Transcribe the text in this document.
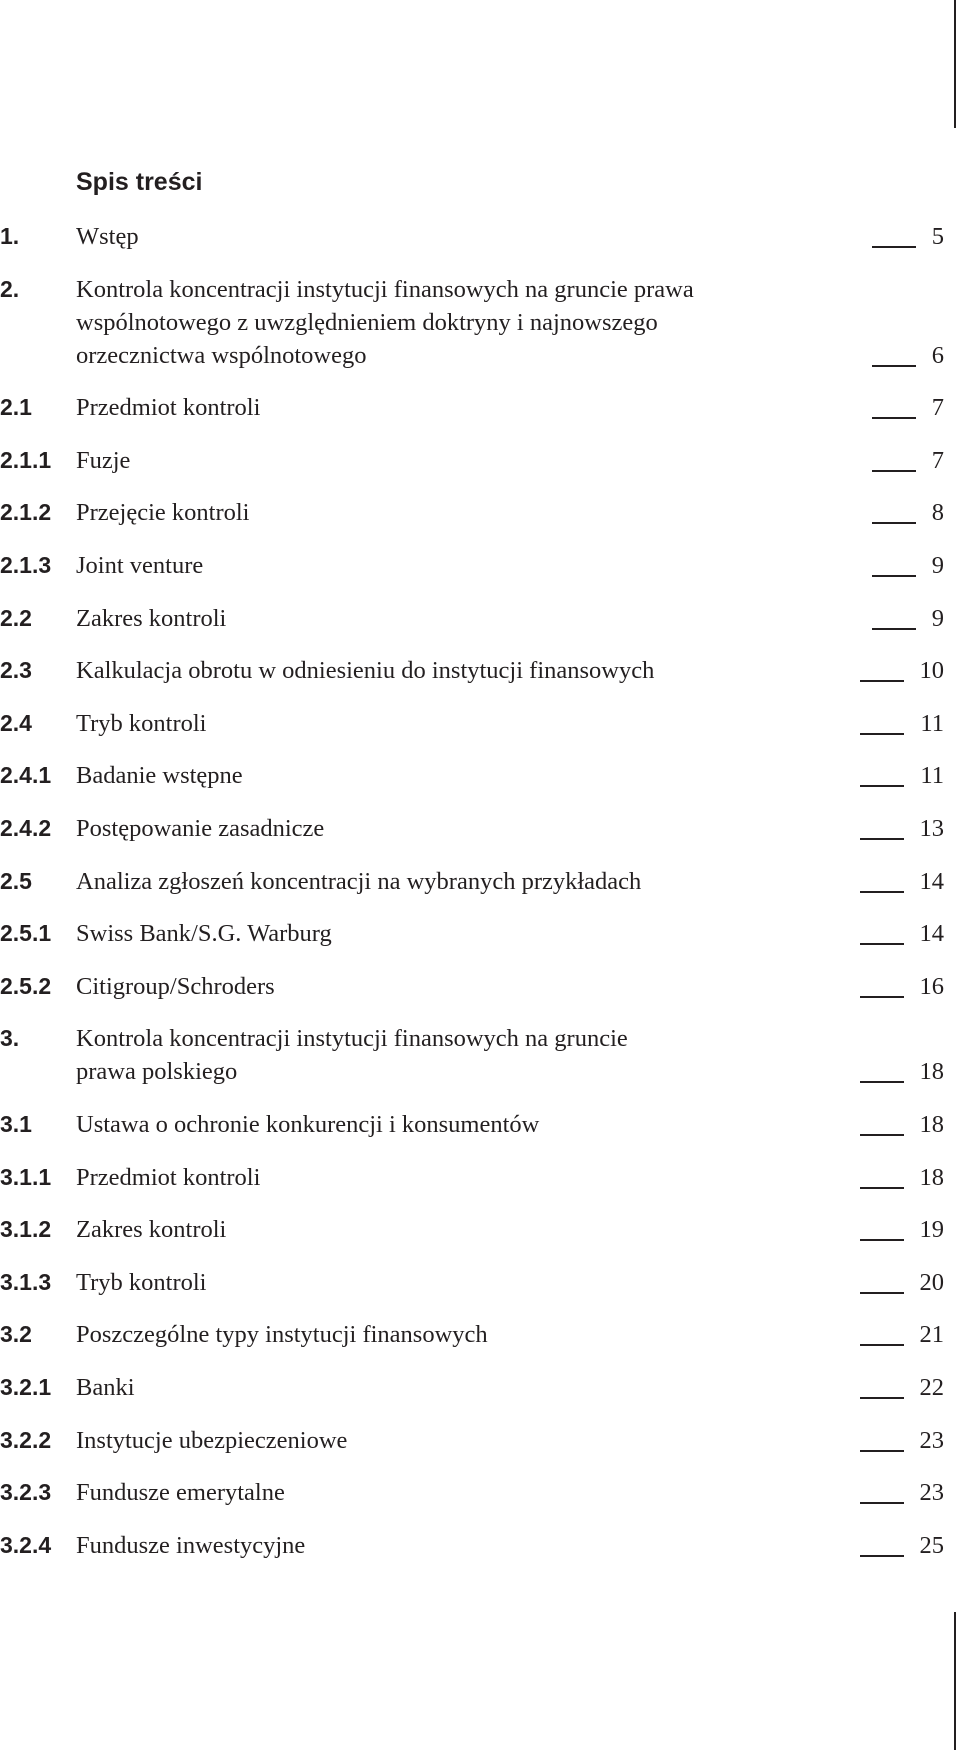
Spis treści
1. Wstęp	5
2. Kontrola koncentracji instytucji finansowych na gruncie prawa
wspólnotowego z uwzględnieniem doktryny i najnowszego
orzecznictwa wspólnotowego	6
2.1 Przedmiot kontroli	7
2.1.1 Fuzje	7
2.1.2 Przejęcie kontroli	8
2.1.3 Joint venture	9
2.2 Zakres kontroli	9
2.3 Kalkulacja obrotu w odniesieniu do instytucji finansowych	10
2.4 Tryb kontroli	11
2.4.1 Badanie wstępne	11
2.4.2 Postępowanie zasadnicze	13
2.5 Analiza zgłoszeń koncentracji na wybranych przykładach	14
2.5.1 Swiss Bank/S.G. Warburg	14
2.5.2 Citigroup/Schroders	16
3. Kontrola koncentracji instytucji finansowych na gruncie
prawa polskiego	18
3.1 Ustawa o ochronie konkurencji i konsumentów	18
3.1.1 Przedmiot kontroli	18
3.1.2 Zakres kontroli	19
3.1.3 Tryb kontroli	20
3.2 Poszczególne typy instytucji finansowych	21
3.2.1 Banki	22
3.2.2 Instytucje ubezpieczeniowe	23
3.2.3 Fundusze emerytalne	23
3.2.4 Fundusze inwestycyjne	25
